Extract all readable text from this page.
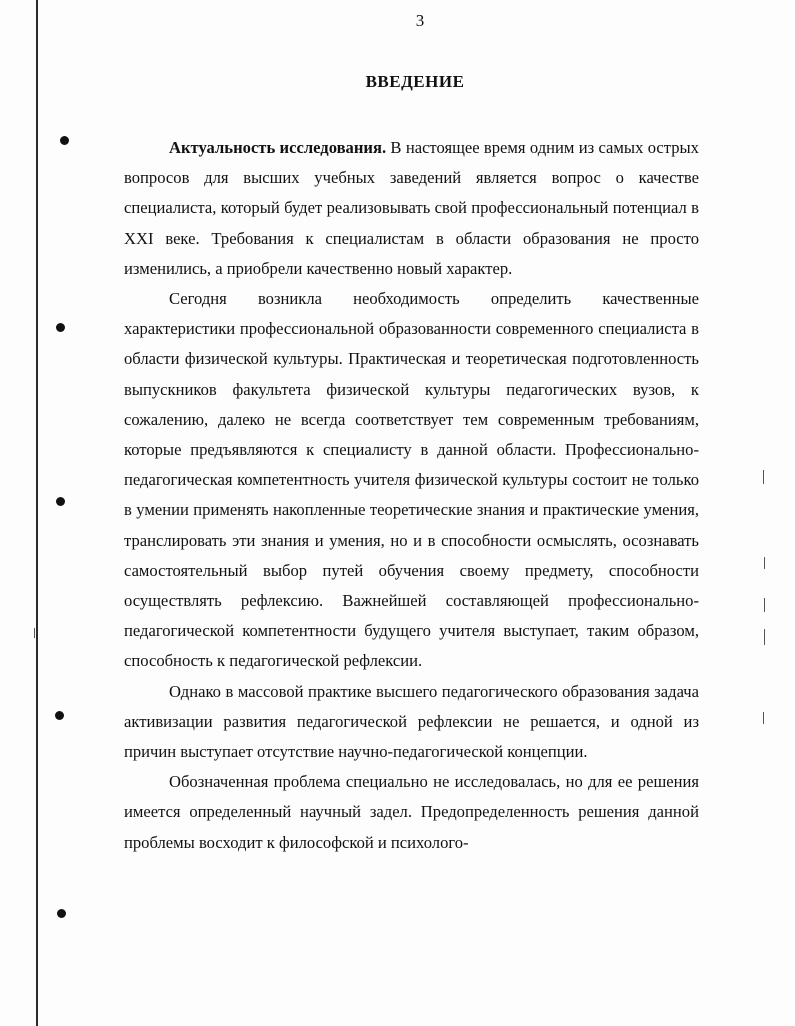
3
ВВЕДЕНИЕ

Актуальность исследования. В настоящее время одним из самых острых вопросов для высших учебных заведений является вопрос о качестве специалиста, который будет реализовывать свой профессиональный потенциал в XXI веке. Требования к специалистам в области образования не просто изменились, а приобрели качественно новый характер.

Сегодня возникла необходимость определить качественные характеристики профессиональной образованности современного специалиста в области физической культуры. Практическая и теоретическая подготовленность выпускников факультета физической культуры педагогических вузов, к сожалению, далеко не всегда соответствует тем современным требованиям, которые предъявляются к специалисту в данной области. Профессионально-педагогическая компетентность учителя физической культуры состоит не только в умении применять накопленные теоретические знания и практические умения, транслировать эти знания и умения, но и в способности осмыслять, осознавать самостоятельный выбор путей обучения своему предмету, способности осуществлять рефлексию. Важнейшей составляющей профессионально-педагогической компетентности будущего учителя выступает, таким образом, способность к педагогической рефлексии.

Однако в массовой практике высшего педагогического образования задача активизации развития педагогической рефлексии не решается, и одной из причин выступает отсутствие научно-педагогической концепции.

Обозначенная проблема специально не исследовалась, но для ее решения имеется определенный научный задел. Предопределенность решения данной проблемы восходит к философской и психолого-
